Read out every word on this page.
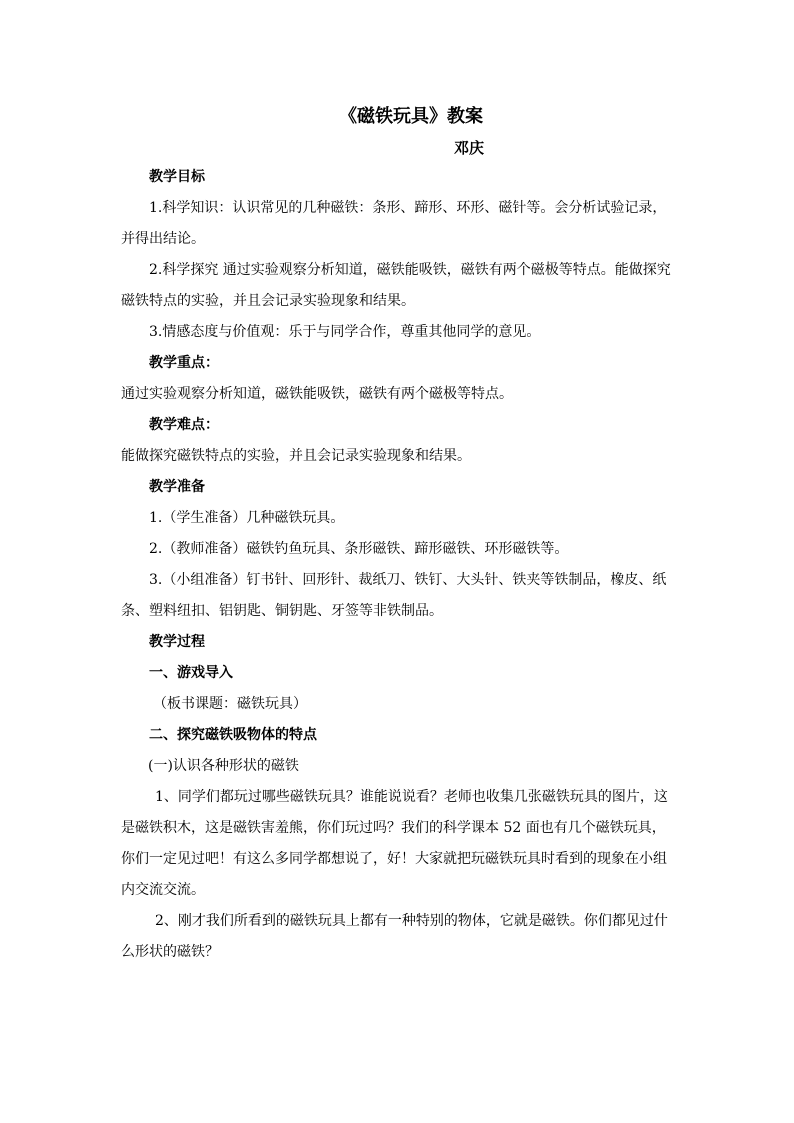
《磁铁玩具》教案

邓庆

教学目标

1.科学知识：认识常见的几种磁铁：条形、蹄形、环形、磁针等。会分析试验记录，并得出结论。

2.科学探究 通过实验观察分析知道，磁铁能吸铁，磁铁有两个磁极等特点。能做探究磁铁特点的实验，并且会记录实验现象和结果。

3.情感态度与价值观：乐于与同学合作，尊重其他同学的意见。

教学重点：

通过实验观察分析知道，磁铁能吸铁，磁铁有两个磁极等特点。

教学难点：

能做探究磁铁特点的实验，并且会记录实验现象和结果。

教学准备

1.（学生准备）几种磁铁玩具。

2.（教师准备）磁铁钓鱼玩具、条形磁铁、蹄形磁铁、环形磁铁等。

3.（小组准备）钉书针、回形针、裁纸刀、铁钉、大头针、铁夹等铁制品，橡皮、纸条、塑料纽扣、铝钥匙、铜钥匙、牙签等非铁制品。

教学过程

一、游戏导入

（板书课题：磁铁玩具）

二、探究磁铁吸物体的特点

(一)认识各种形状的磁铁

1、同学们都玩过哪些磁铁玩具？谁能说说看？老师也收集几张磁铁玩具的图片，这是磁铁积木，这是磁铁害羞熊，你们玩过吗？我们的科学课本 52 面也有几个磁铁玩具，你们一定见过吧！有这么多同学都想说了，好！大家就把玩磁铁玩具时看到的现象在小组内交流交流。

2、刚才我们所看到的磁铁玩具上都有一种特别的物体，它就是磁铁。你们都见过什么形状的磁铁？
